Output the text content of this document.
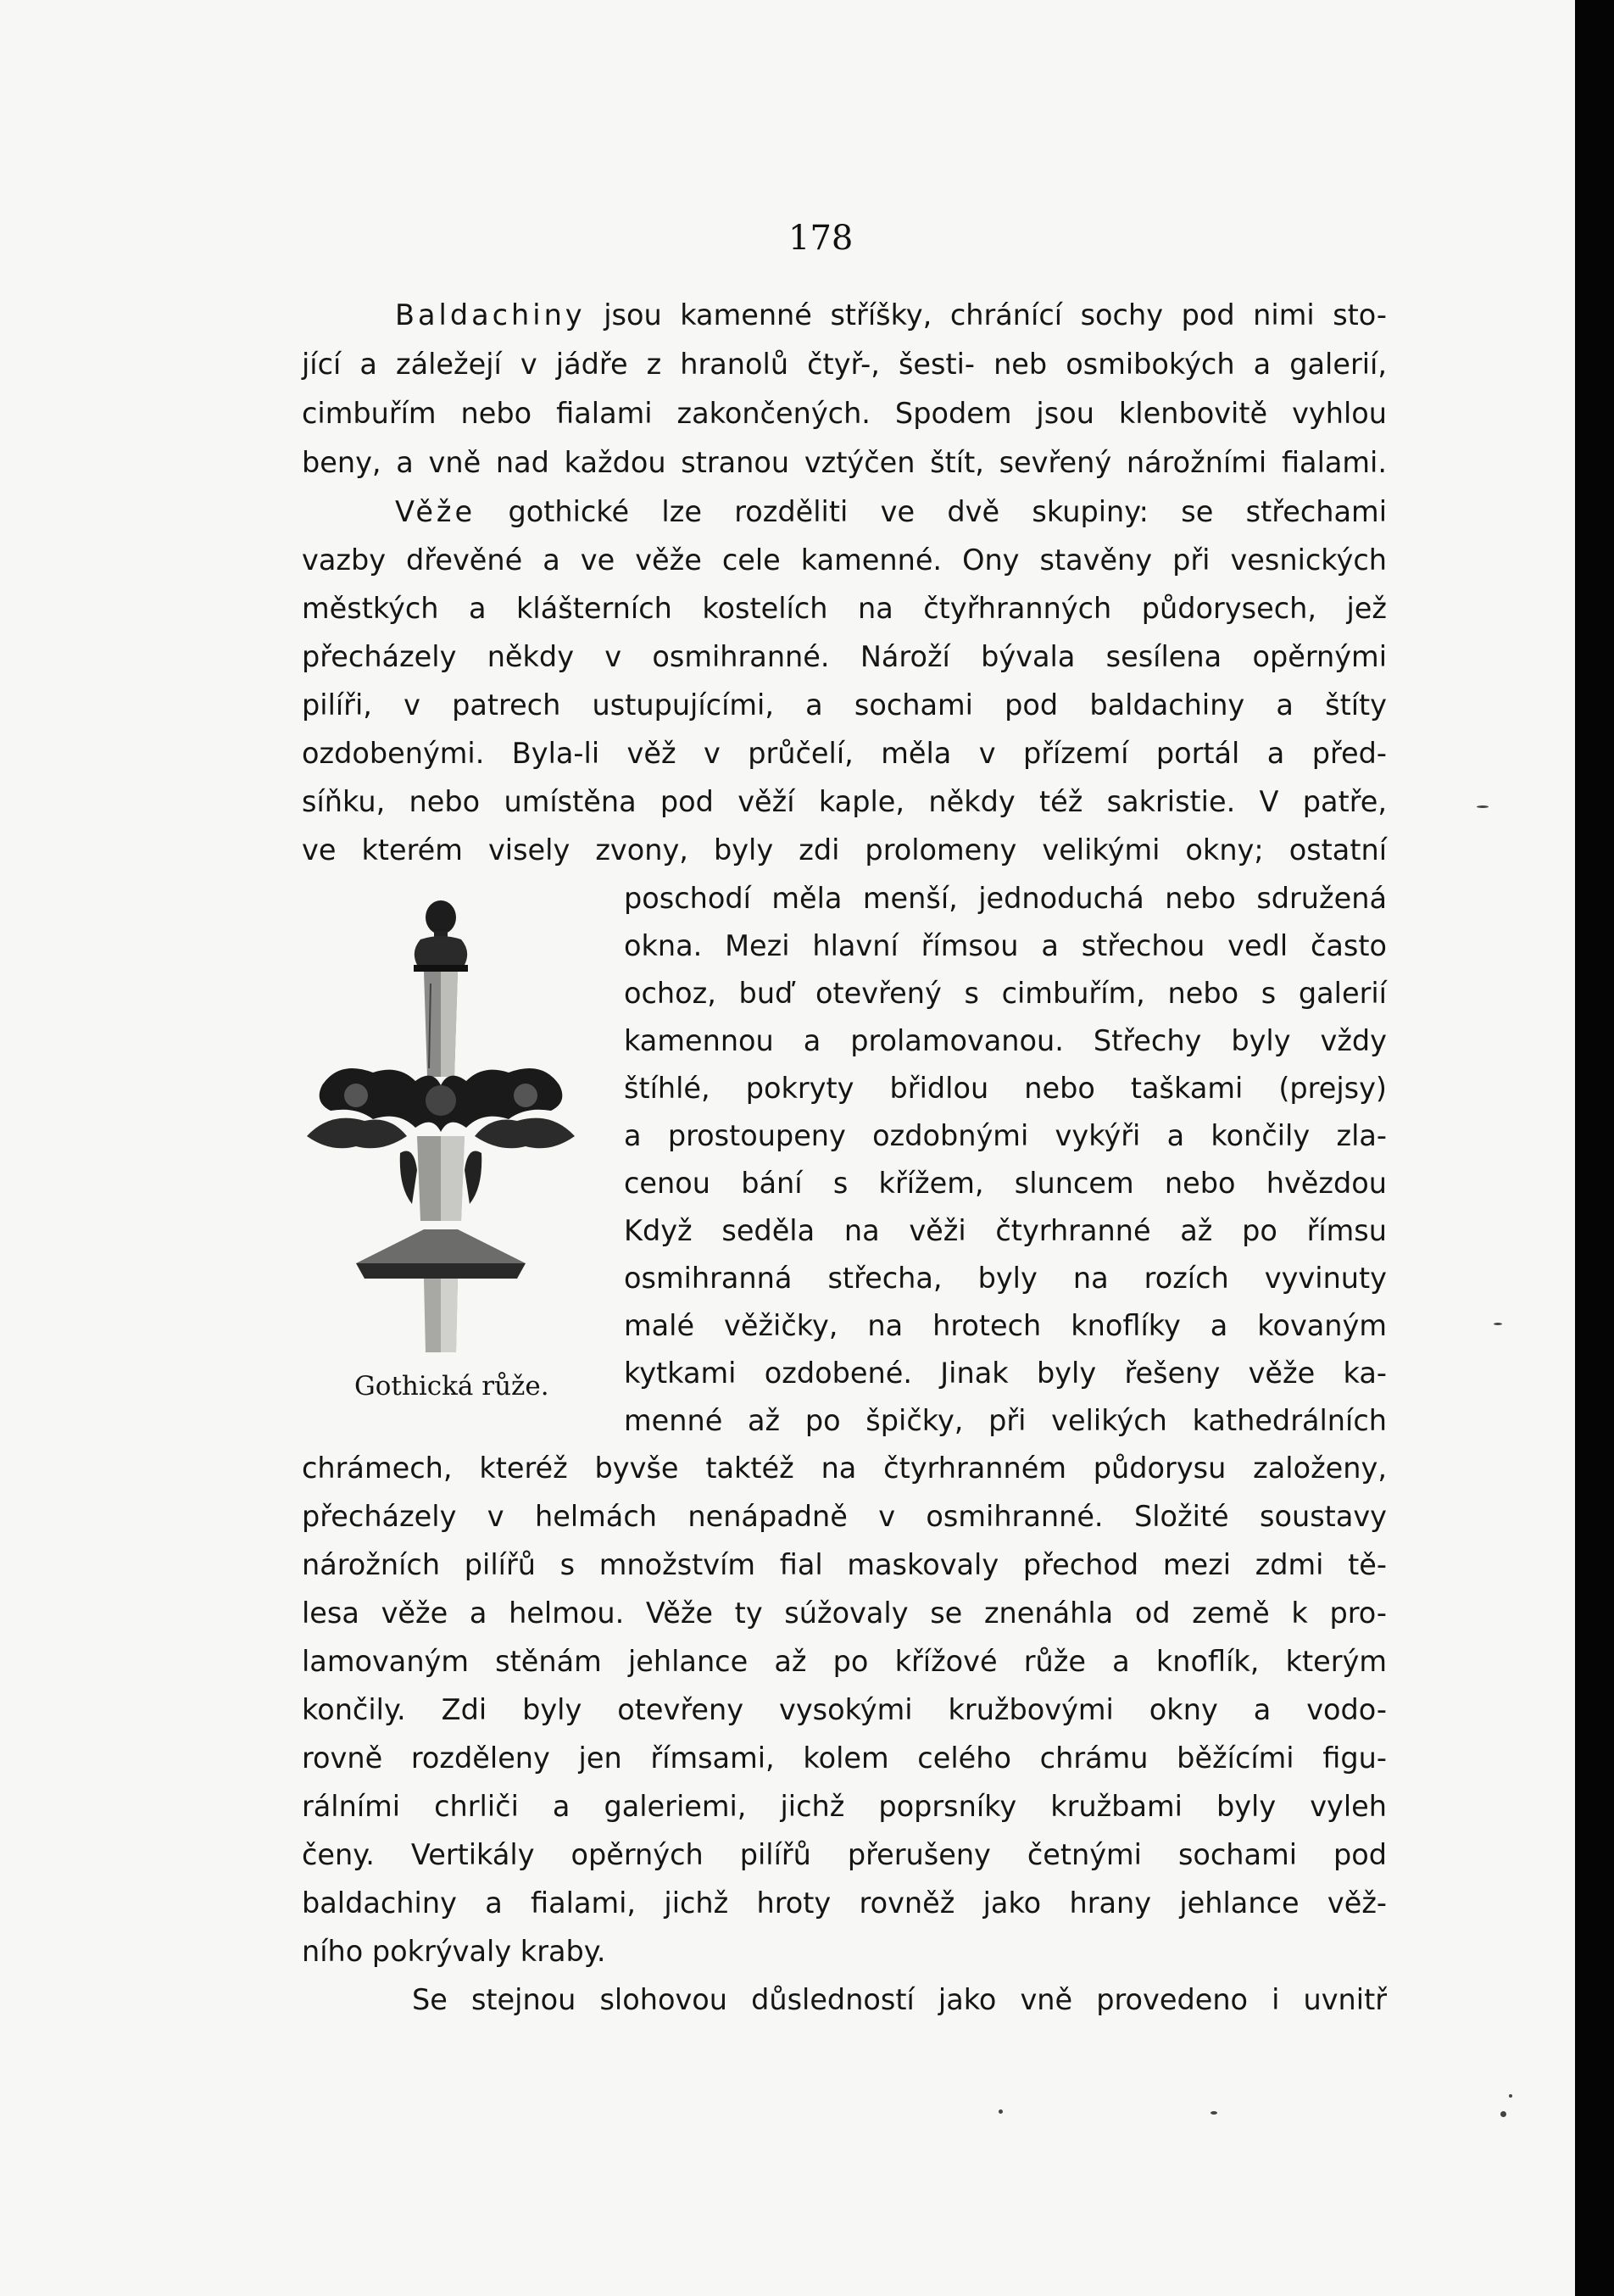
178
Baldachiny jsou kamenné stříšky, chránící sochy pod nimi sto-
jící a záležejí v jádře z hranolů čtyř-, šesti- neb osmibokých a galerií,
cimbuřím nebo fialami zakončených. Spodem jsou klenbovitě vyhlou
beny, a vně nad každou stranou vztýčen štít, sevřený nárožními fialami.
Věže gothické lze rozděliti ve dvě skupiny: se střechami
vazby dřevěné a ve věže cele kamenné. Ony stavěny při vesnických
městkých a klášterních kostelích na čtyřhranných půdorysech, jež
přecházely někdy v osmihranné. Nároží bývala sesílena opěrnými
pilíři, v patrech ustupujícími, a sochami pod baldachiny a štíty
ozdobenými. Byla-li věž v průčelí, měla v přízemí portál a před-
síňku, nebo umístěna pod věží kaple, někdy též sakristie. V patře,
ve kterém visely zvony, byly zdi prolomeny velikými okny; ostatní
poschodí měla menší, jednoduchá nebo sdružená
okna. Mezi hlavní římsou a střechou vedl často
ochoz, buď otevřený s cimbuřím, nebo s galerií
kamennou a prolamovanou. Střechy byly vždy
štíhlé, pokryty břidlou nebo taškami (prejsy)
a prostoupeny ozdobnými vykýři a končily zla-
cenou bání s křížem, sluncem nebo hvězdou
Když seděla na věži čtyrhranné až po římsu
osmihranná střecha, byly na rozích vyvinuty
malé věžičky, na hrotech knoflíky a kovaným
kytkami ozdobené. Jinak byly řešeny věže ka-
menné až po špičky, při velikých kathedrálních
chrámech, kteréž byvše taktéž na čtyrhranném půdorysu založeny,
přecházely v helmách nenápadně v osmihranné. Složité soustavy
nárožních pilířů s množstvím fial maskovaly přechod mezi zdmi tě-
lesa věže a helmou. Věže ty súžovaly se znenáhla od země k pro-
lamovaným stěnám jehlance až po křížové růže a knoflík, kterým
končily. Zdi byly otevřeny vysokými kružbovými okny a vodo-
rovně rozděleny jen římsami, kolem celého chrámu běžícími figu-
rálními chrliči a galeriemi, jichž poprsníky kružbami byly vyleh
čeny. Vertikály opěrných pilířů přerušeny četnými sochami pod
baldachiny a fialami, jichž hroty rovněž jako hrany jehlance věž-
ního pokrývaly kraby.
Se stejnou slohovou důsledností jako vně provedeno i uvnitř
Gothická růže.
